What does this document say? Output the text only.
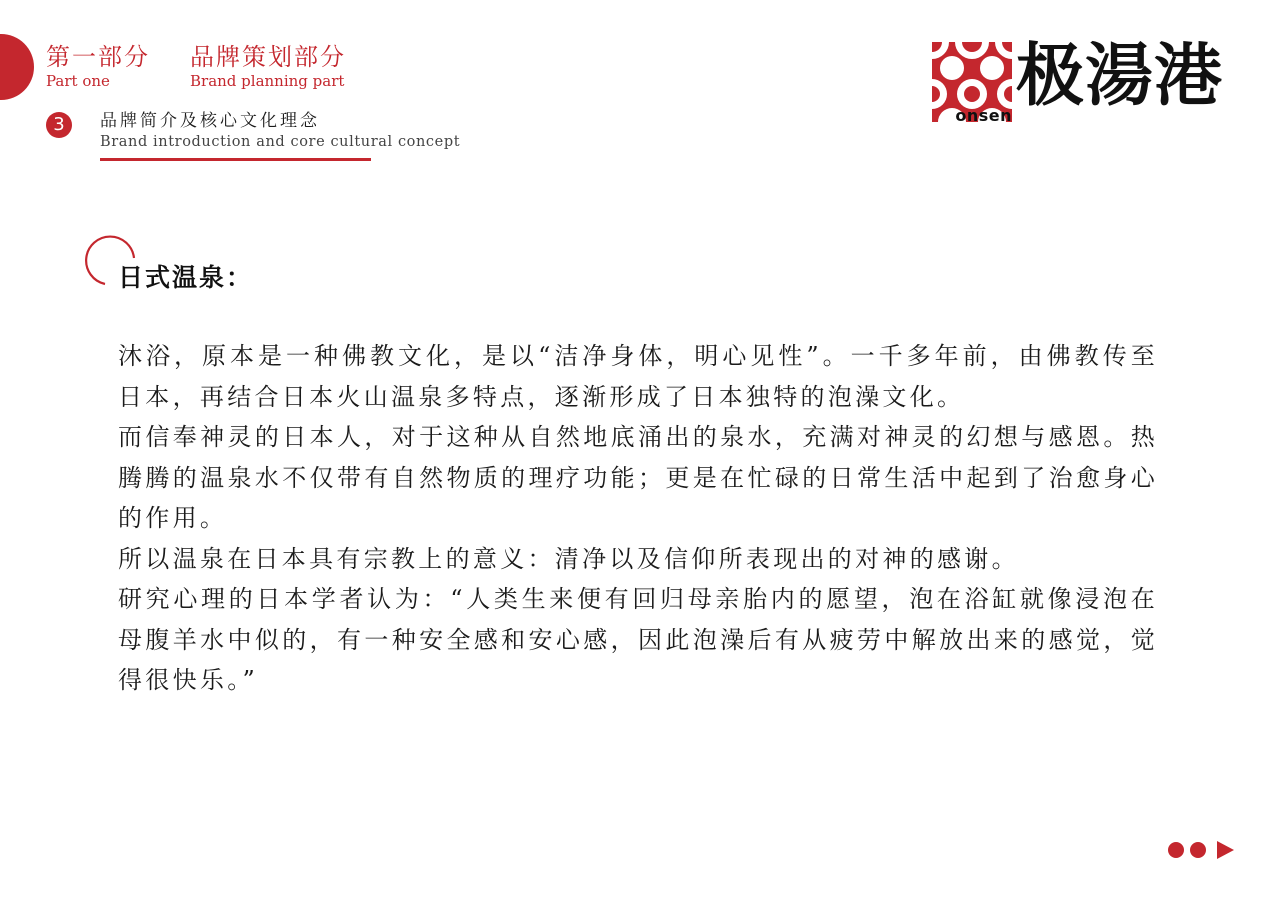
第一部分
Part one
品牌策划部分
Brand planning part
3	品牌简介及核心文化理念
Brand introduction and core cultural concept
onsen 极湯港
日式温泉：

沐浴，原本是一种佛教文化，是以“洁净身体，明心见性”。一千多年前，由佛教传至日本，再结合日本火山温泉多特点，逐渐形成了日本独特的泡澡文化。

而信奉神灵的日本人，对于这种从自然地底涌出的泉水，充满对神灵的幻想与感恩。热腾腾的温泉水不仅带有自然物质的理疗功能；更是在忙碌的日常生活中起到了治愈身心的作用。

所以温泉在日本具有宗教上的意义：清净以及信仰所表现出的对神的感谢。

研究心理的日本学者认为：“人类生来便有回归母亲胎内的愿望，泡在浴缸就像浸泡在母腹羊水中似的，有一种安全感和安心感，因此泡澡后有从疲劳中解放出来的感觉，觉得很快乐。”
